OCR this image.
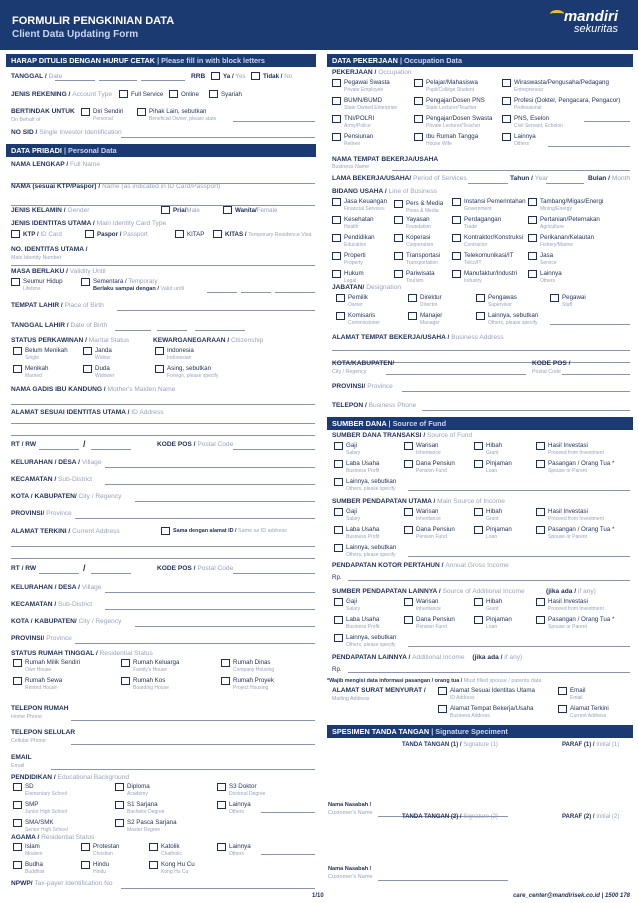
FORMULIR PENGKINIAN DATA
Client Data Updating Form
mandiri
sekuritas
HARAP DITULIS DENGAN HURUF CETAK | Please fill in with block letters
TANGGAL / Date	RRB	Ya / Yes	Tidak / No
JENIS REKENING / Account Type	Full Service	Online	Syariah
BERTINDAK UNTUK
On Behalf of
Diri Sendiri
Personal
Pihak Lain, sebutkan
Beneficial Owner, please state
NO SID / Single Investor Identification
DATA PRIBADI | Personal Data
NAMA LENGKAP / Full Name
NAMA (sesuai KTP/Paspor) / Name (as indicated in ID Card/Passport)
JENIS KELAMIN / Gender	Pria/Male	Wanita/Female
JENIS IDENTITAS UTAMA / Main Identity Card Type
KTP / ID Card	Paspor / Passport	KITAP	KITAS / Temporary Residence Visa
NO. IDENTITAS UTAMA /
Main Identity Number
MASA BERLAKU / Validity Until
Seumur Hidup
Lifetime
Sementara / Temporary
Berlaku sampai dengan / Valid until
TEMPAT LAHIR / Place of Birth
TANGGAL LAHIR / Date of Birth
STATUS PERKAWINAN / Marital Status
Belum Menikah
Single
Janda
Widow
Menikah
Married
Duda
Widower
KEWARGANEGARAAN / Citizenship
Indonesia
Indonesian
Asing, sebutkan
Foreign, please specify
NAMA GADIS IBU KANDUNG / Mother's Maiden Name
ALAMAT SESUAI IDENTITAS UTAMA / ID Address
RT / RW	/	KODE POS / Postal Code
KELURAHAN / DESA / Village
KECAMATAN / Sub-District
KOTA / KABUPATEN/ City / Regency
PROVINSI/ Province
ALAMAT TERKINI / Current Address	Sama dengan alamat ID / Same as ID address
RT / RW	/	KODE POS / Postal Code
KELURAHAN / DESA / Village
KECAMATAN / Sub-District
KOTA / KABUPATEN/ City / Regency
PROVINSI/ Province
STATUS RUMAH TINGGAL / Residential Status
Rumah Milik Sendiri
Own House
Rumah Keluarga
Family's House
Rumah Dinas
Company Housing
Rumah Sewa
Rented House
Rumah Kos
Boarding House
Rumah Proyek
Project Housing
TELEPON RUMAH
Home Phone
TELEPON SELULAR
Cellular Phone
EMAIL
Email
PENDIDIKAN / Educational Background
SD
Elementary School
Diploma
Academy
S3 Doktor
Doctoral Degree
SMP
Junior High School
S1 Sarjana
Bachelor Degree
Lainnya
Others
SMA/SMK
Senior High School
S2 Pasca Sarjana
Master Degree
AGAMA / Residential Status
Islam
Moslem
Protestan
Christian
Katolik
Chatholic
Lainnya
Others
Budha
Buddhist
Hindu
Hindu
Kong Hu Cu
Kong Hu Cu
NPWP/ Tax-payer Identification No
DATA PEKERJAAN | Occupation Data
PEKERJAAN / Occupation
Pegawai Swasta
Private Employee
Pelajar/Mahasiswa
Pupil/College Student
Wiraswasta/Pengusaha/Pedagang
Entrepreneur
BUMN/BUMD
State Owned Enterprise
Pengajar/Dosen PNS
State Lecturer/Teacher
Profesi (Dokter, Pengacara, Pengacor)
Professional
TNI/POLRI
Army/Police
Pengajar/Dosen Swasta
Private Lecturer/Teacher
PNS, Eselon
Civil Servant, Echelon
Pensiunan
Retiree
Ibu Rumah Tangga
House Wife
Lainnya
Others
NAMA TEMPAT BEKERJA/USAHA
Business Name
LAMA BEKERJA/USAHA/ Period of Services	Tahun / Year	Bulan / Month
BIDANG USAHA / Line of Business
Jasa Keuangan
Financial Services
Pers & Media
Press & Media
Instansi Pemerintahan
Government
Tambang/Migas/Energi
Mining/Energy
Kesehatan
Health
Yayasan
Foundation
Perdagangan
Trade
Pertanian/Peternakan
Agriculture
Pendidikan
Education
Koperasi
Cooperation
Kontraktor/Konstruksi
Contractor
Perikanan/Kelautan
Fishery/Marine
Properti
Property
Transportasi
Transportation
Telekomunikasi/IT
Telco/IT
Jasa
Service
Hukum
Legal
Pariwisata
Tourism
Manufaktur/Industri
Industry
Lainnya
Others
JABATAN/ Designation
Pemilik
Owner
Direktur
Director
Pengawas
Supervisor
Pegawai
Staff
Komisaris
Commissioner
Manajer
Manager
Lainnya, sebutkan
Others, please specify
ALAMAT TEMPAT BEKERJA/USAHA / Business Address
KOTA/KABUPATEN/
City / Regency
KODE POS /
Postal Code
PROVINSI/ Province
TELEPON / Business Phone
SUMBER DANA | Source of Fund
SUMBER DANA TRANSAKSI / Source of Fund
Gaji
Salary
Warisan
Inheritance
Hibah
Grant
Hasil Investasi
Proceed from Investment
Laba Usaha
Business Profit
Dana Pensiun
Pension Fund
Pinjaman
Loan
Pasangan / Orang Tua *
Spouse or Parent
Lainnya, sebutkan
Others, please specify
SUMBER PENDAPATAN UTAMA / Main Source of Income
Gaji
Salary
Warisan
Inheritance
Hibah
Grant
Hasil Investasi
Proceed from Investment
Laba Usaha
Business Profit
Dana Pensiun
Pension Fund
Pinjaman
Loan
Pasangan / Orang Tua *
Spouse or Parent
Lainnya, sebutkan
Others, please specify
PENDAPATAN KOTOR PERTAHUN / Annual Gross Income
Rp.
SUMBER PENDAPATAN LAINNYA / Source of Additional Income	(jika ada / if any)
Gaji
Salary
Warisan
Inheritance
Hibah
Grant
Hasil Investasi
Proceed from Investment
Laba Usaha
Business Profit
Dana Pensiun
Pension Fund
Pinjaman
Loan
Pasangan / Orang Tua *
Spouse or Parent
Lainnya, sebutkan
Others, please specify
PENDAPATAN LAINNYA / Additional Income (jika ada / if any)
Rp.
*Wajib mengisi data informasi pasangan / orang tua / Must filled spouse / parents data
ALAMAT SURAT MENYURAT /
Mailing Address
Alamat Sesuai Identitas Utama
ID Address
Email
Email
Alamat Tempat Bekerja/Usaha
Business Address
Alamat Terkini
Current Address
SPESIMEN TANDA TANGAN | Signature Speciment
TANDA TANGAN (1) / Signature (1)	PARAF (1) / Initial (1)
Nama Nasabah /
Customer's Name
TANDA TANGAN (2) / Signature (2)	PARAF (2) / Initial (2)
Nama Nasabah /
Customer's Name
1/10	care_center@mandirisek.co.id | 1500 178
